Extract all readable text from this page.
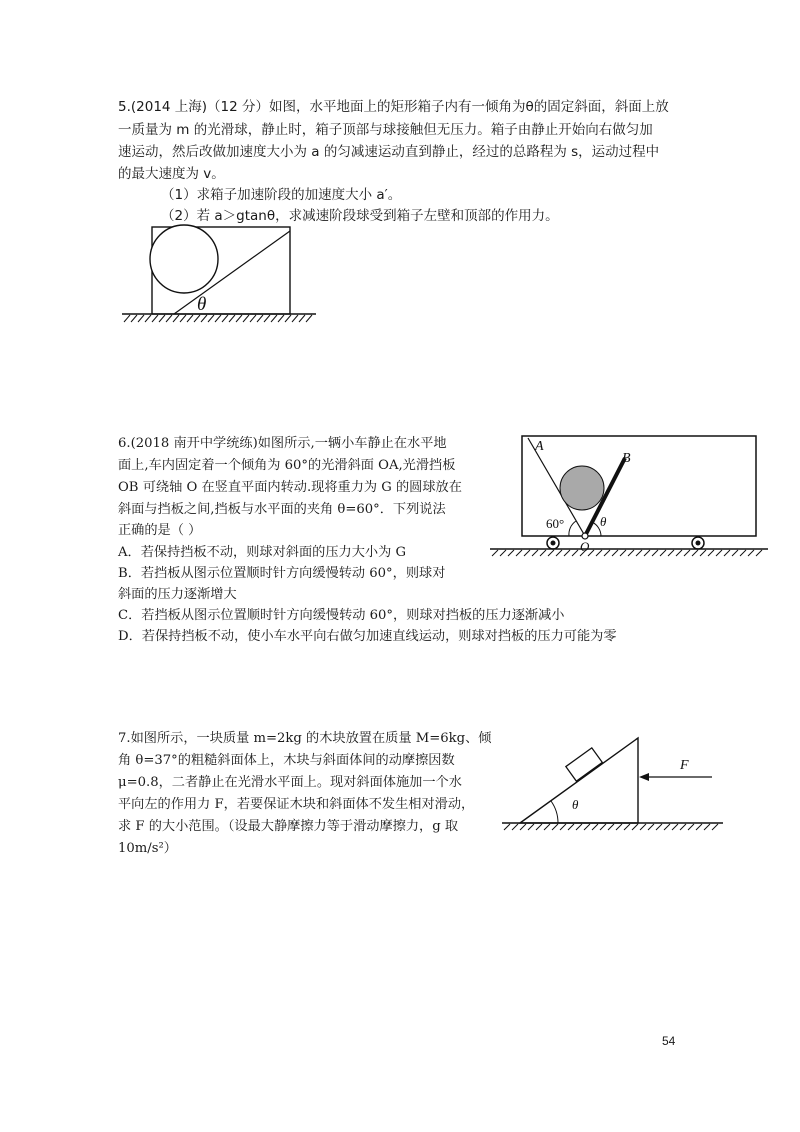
5.(2014 上海)（12 分）如图，水平地面上的矩形箱子内有一倾角为θ的固定斜面，斜面上放
一质量为 m 的光滑球，静止时，箱子顶部与球接触但无压力。箱子由静止开始向右做匀加
速运动，然后改做加速度大小为 a 的匀减速运动直到静止，经过的总路程为 s，运动过程中
的最大速度为 v。
（1）求箱子加速阶段的加速度大小 a′。
（2）若 a＞gtanθ，求减速阶段球受到箱子左壁和顶部的作用力。
θ
6.(2018 南开中学统练)如图所示,一辆小车静止在水平地
面上,车内固定着一个倾角为 60°的光滑斜面 OA,光滑挡板
OB 可绕轴 O 在竖直平面内转动.现将重力为 G 的圆球放在
斜面与挡板之间,挡板与水平面的夹角 θ=60°．下列说法
正确的是（ ）
A．若保持挡板不动，则球对斜面的压力大小为 G
B．若挡板从图示位置顺时针方向缓慢转动 60°，则球对
斜面的压力逐渐增大
C．若挡板从图示位置顺时针方向缓慢转动 60°，则球对挡板的压力逐渐减小
D．若保持挡板不动，使小车水平向右做匀加速直线运动，则球对挡板的压力可能为零
A
B
60°	θ
O
7.如图所示，一块质量 m=2kg 的木块放置在质量 M=6kg、倾
角 θ=37°的粗糙斜面体上，木块与斜面体间的动摩擦因数
μ=0.8，二者静止在光滑水平面上。现对斜面体施加一个水
平向左的作用力 F，若要保证木块和斜面体不发生相对滑动，
求 F 的大小范围。（设最大静摩擦力等于滑动摩擦力，g 取
10m/s²）
θ
F
54
